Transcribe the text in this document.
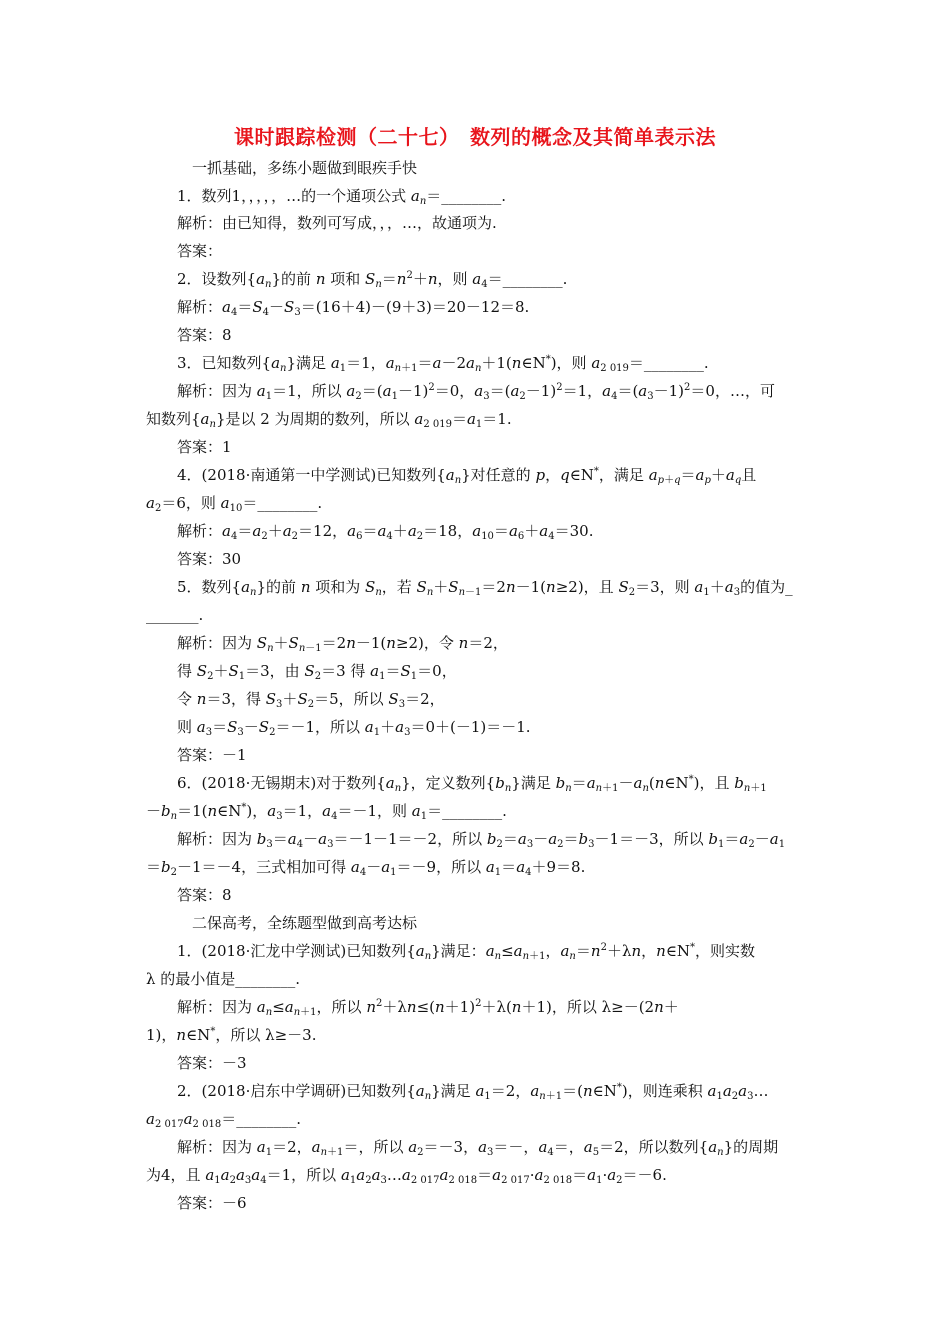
课时跟踪检测（二十七）　数列的概念及其简单表示法
一抓基础，多练小题做到眼疾手快
1．数列1，，，，，…的一个通项公式 $a_n=\_\_\_\_\_\_\_\_$.
解析：由已知得，数列可写成，，，…，故通项为.
答案：
2．设数列$\{a_n\}$的前 n 项和 $S_n=n^2+n$，则 $a_4=\_\_\_\_\_\_\_\_$.
解析：$a_4=S_4-S_3=(16+4)-(9+3)=20-12=8$.
答案：8
3．已知数列$\{a_n\}$满足 $a_1=1$，$a_{n+1}=a-2a_n+1(n\in N^*)$，则 $a_{2 019}=\_\_\_\_\_\_\_\_$.
解析：因为 $a_1=1$，所以 $a_2=(a_1-1)^2=0$，$a_3=(a_2-1)^2=1$，$a_4=(a_3-1)^2=0$，…，可
知数列$\{a_n\}$是以 2 为周期的数列，所以 $a_{2 019}=a_1=1$.
答案：1
4．(2018·南通第一中学测试)已知数列$\{a_n\}$对任意的 p，q∈N*，满足 $a_{p+q}=a_p+a_q$且
$a_2=6$，则 $a_{10}=\_\_\_\_\_\_\_\_$.
解析：$a_4=a_2+a_2=12$，$a_6=a_4+a_2=18$，$a_{10}=a_6+a_4=30$.
答案：30
5．数列$\{a_n\}$的前 n 项和为 $S_n$，若 $S_n+S_{n-1}=2n-1(n\ge 2)$，且 $S_2=3$，则 $a_1+a_3$的值为_
_______.
解析：因为 $S_n+S_{n-1}=2n-1(n\ge 2)$，令 n＝2，
得 $S_2+S_1=3$，由 $S_2=3$ 得 $a_1=S_1=0$，
令 n＝3，得 $S_3+S_2=5$，所以 $S_3=2$，
则 $a_3=S_3-S_2=-1$，所以 $a_1+a_3=0+(-1)=-1$.
答案：－1
6．(2018·无锡期末)对于数列$\{a_n\}$，定义数列$\{b_n\}$满足 $b_n=a_{n+1}-a_n(n\in N^*)$，且 $b_{n+1}$
$-b_n=1(n\in N^*)$，$a_3=1$，$a_4=-1$，则 $a_1=\_\_\_\_\_\_\_\_$.
解析：因为 $b_3=a_4-a_3=-1-1=-2$，所以 $b_2=a_3-a_2=b_3-1=-3$，所以 $b_1=a_2-a_1$
$=b_2-1=-4$，三式相加可得 $a_4-a_1=-9$，所以 $a_1=a_4+9=8$.
答案：8
二保高考，全练题型做到高考达标
1．(2018·汇龙中学测试)已知数列$\{a_n\}$满足：$a_n\le a_{n+1}$，$a_n=n^2+\lambda n$，n∈N*，则实数
λ 的最小值是________.
解析：因为 $a_n\le a_{n+1}$，所以 $n^2+\lambda n\le(n+1)^2+\lambda(n+1)$，所以 λ≥－(2n＋
1)，n∈N*，所以 λ≥－3.
答案：－3
2．(2018·启东中学调研)已知数列$\{a_n\}$满足 $a_1=2$，$a_{n+1}=(n\in N^*)$，则连乘积 $a_1a_2a_3\dots$
$a_{2 017}a_{2 018}=\_\_\_\_\_\_\_\_$.
解析：因为 $a_1=2$，$a_{n+1}=$，所以 $a_2=-3$，$a_3=-$，$a_4=$，$a_5=2$，所以数列$\{a_n\}$的周期
为4，且 $a_1a_2a_3a_4=1$，所以 $a_1a_2a_3\dots a_{2 017}a_{2 018}=a_{2 017}\cdot a_{2 018}=a_1\cdot a_2=-6$.
答案：－6
